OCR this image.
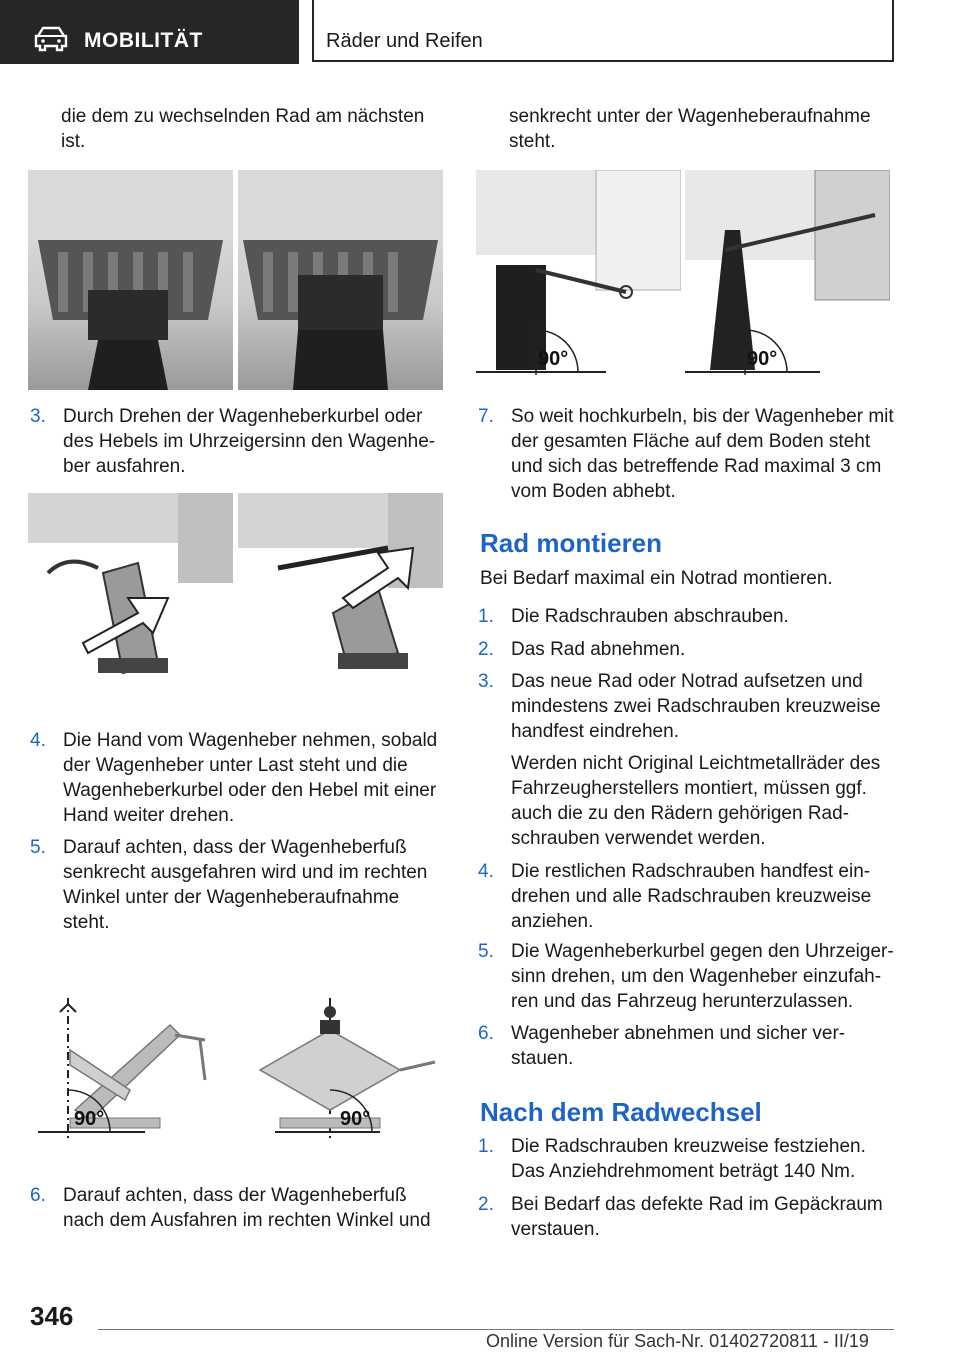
MOBILITÄT	Räder und Reifen
die dem zu wechselnden Rad am nächsten ist.
3. Durch Drehen der Wagenheberkurbel oder des Hebels im Uhrzeigersinn den Wagenhe-ber ausfahren.
4. Die Hand vom Wagenheber nehmen, sobald der Wagenheber unter Last steht und die Wagenheberkurbel oder den Hebel mit einer Hand weiter drehen.
5. Darauf achten, dass der Wagenheberfuß senkrecht ausgefahren wird und im rechten Winkel unter der Wagenheberaufnahme steht.
90°	90°
6. Darauf achten, dass der Wagenheberfuß nach dem Ausfahren im rechten Winkel und
senkrecht unter der Wagenheberaufnahme steht.
90°	90°
7. So weit hochkurbeln, bis der Wagenheber mit der gesamten Fläche auf dem Boden steht und sich das betreffende Rad maximal 3 cm vom Boden abhebt.
Rad montieren
Bei Bedarf maximal ein Notrad montieren.
1. Die Radschrauben abschrauben.
2. Das Rad abnehmen.
3. Das neue Rad oder Notrad aufsetzen und mindestens zwei Radschrauben kreuzweise handfest eindrehen.
Werden nicht Original Leichtmetallräder des Fahrzeugherstellers montiert, müssen ggf. auch die zu den Rädern gehörigen Rad-schrauben verwendet werden.
4. Die restlichen Radschrauben handfest ein-drehen und alle Radschrauben kreuzweise anziehen.
5. Die Wagenheberkurbel gegen den Uhrzeiger-sinn drehen, um den Wagenheber einzufah-ren und das Fahrzeug herunterzulassen.
6. Wagenheber abnehmen und sicher ver-stauen.
Nach dem Radwechsel
1. Die Radschrauben kreuzweise festziehen. Das Anziehdrehmoment beträgt 140 Nm.
2. Bei Bedarf das defekte Rad im Gepäckraum verstauen.
346
Online Version für Sach-Nr. 01402720811 - II/19
